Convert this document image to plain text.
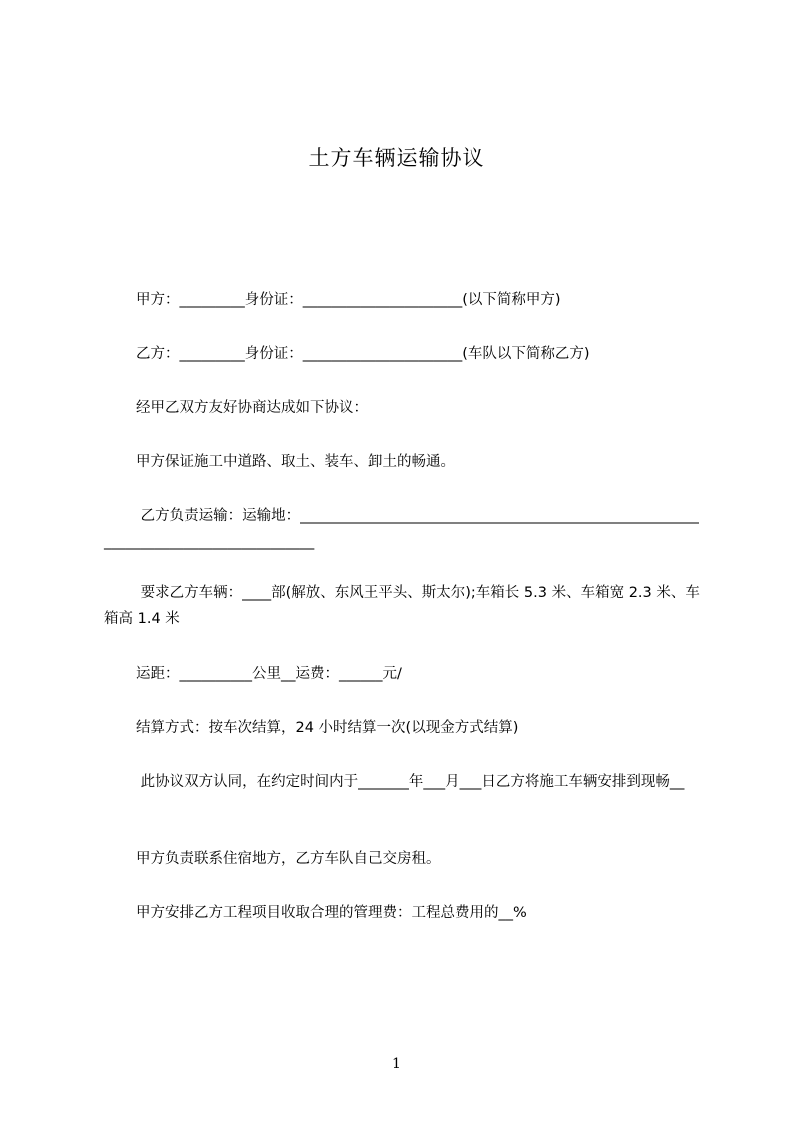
土方车辆运输协议

甲方：_________身份证：______________________(以下简称甲方)

乙方：_________身份证：______________________(车队以下简称乙方)

经甲乙双方友好协商达成如下协议：

甲方保证施工中道路、取土、装车、卸土的畅通。

乙方负责运输：运输地：____________________________________________________________________________________

要求乙方车辆：____部(解放、东风王平头、斯太尔);车箱长 5.3 米、车箱宽 2.3 米、车箱高 1.4 米

运距：__________公里__运费：______元/

结算方式：按车次结算，24 小时结算一次(以现金方式结算)

此协议双方认同，在约定时间内于_______年___月___日乙方将施工车辆安排到现畅__

甲方负责联系住宿地方，乙方车队自己交房租。

甲方安排乙方工程项目收取合理的管理费：工程总费用的__%

1
